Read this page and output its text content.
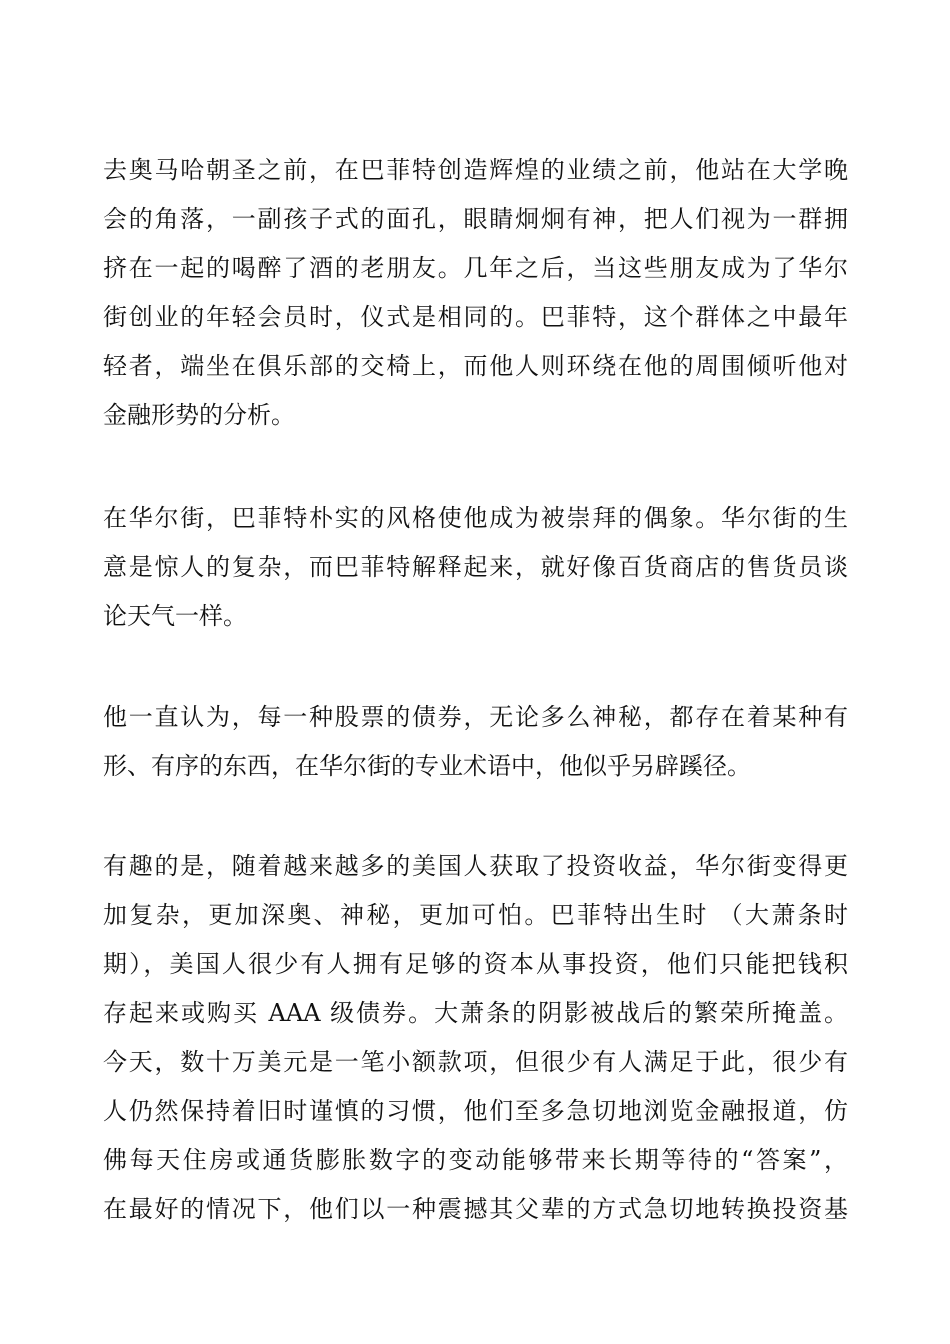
去奥马哈朝圣之前，在巴菲特创造辉煌的业绩之前，他站在大学晚
会的角落，一副孩子式的面孔，眼睛炯炯有神，把人们视为一群拥
挤在一起的喝醉了酒的老朋友。几年之后，当这些朋友成为了华尔
街创业的年轻会员时，仪式是相同的。巴菲特，这个群体之中最年
轻者，端坐在俱乐部的交椅上，而他人则环绕在他的周围倾听他对
金融形势的分析。
在华尔街，巴菲特朴实的风格使他成为被崇拜的偶象。华尔街的生
意是惊人的复杂，而巴菲特解释起来，就好像百货商店的售货员谈
论天气一样。
他一直认为，每一种股票的债券，无论多么神秘，都存在着某种有
形、有序的东西，在华尔街的专业术语中，他似乎另辟蹊径。
有趣的是，随着越来越多的美国人获取了投资收益，华尔街变得更
加复杂，更加深奥、神秘，更加可怕。巴菲特出生时 （大萧条时
期），美国人很少有人拥有足够的资本从事投资，他们只能把钱积
存起来或购买 AAA 级债券。大萧条的阴影被战后的繁荣所掩盖。
今天，数十万美元是一笔小额款项，但很少有人满足于此，很少有
人仍然保持着旧时谨慎的习惯，他们至多急切地浏览金融报道，仿
佛每天住房或通货膨胀数字的变动能够带来长期等待的“答案”，
在最好的情况下，他们以一种震撼其父辈的方式急切地转换投资基
